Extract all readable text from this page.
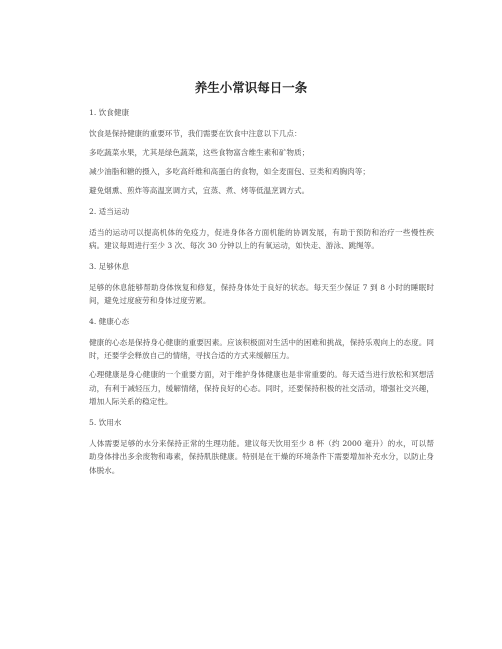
养生小常识每日一条
1. 饮食健康
饮食是保持健康的重要环节，我们需要在饮食中注意以下几点：
多吃蔬菜水果，尤其是绿色蔬菜，这些食物富含维生素和矿物质；
减少油脂和糖的摄入，多吃高纤维和高蛋白的食物，如全麦面包、豆类和鸡胸肉等；
避免烟熏、煎炸等高温烹调方式，宜蒸、煮、烤等低温烹调方式。
2. 适当运动
适当的运动可以提高机体的免疫力，促进身体各方面机能的协调发展，有助于预防和治疗一些慢性疾病。建议每周进行至少 3 次、每次 30 分钟以上的有氧运动，如快走、游泳、跳绳等。
3. 足够休息
足够的休息能够帮助身体恢复和修复，保持身体处于良好的状态。每天至少保证 7 到 8 小时的睡眠时间，避免过度疲劳和身体过度劳累。
4. 健康心态
健康的心态是保持身心健康的重要因素。应该积极面对生活中的困难和挑战，保持乐观向上的态度。同时，还要学会释放自己的情绪，寻找合适的方式来缓解压力。
心理健康是身心健康的一个重要方面，对于维护身体健康也是非常重要的。每天适当进行放松和冥想活动，有利于减轻压力，缓解情绪，保持良好的心态。同时，还要保持积极的社交活动，增强社交兴趣，增加人际关系的稳定性。
5. 饮用水
人体需要足够的水分来保持正常的生理功能。建议每天饮用至少 8 杯（约 2000 毫升）的水，可以帮助身体排出多余废物和毒素，保持肌肤健康。特别是在干燥的环境条件下需要增加补充水分，以防止身体脱水。
